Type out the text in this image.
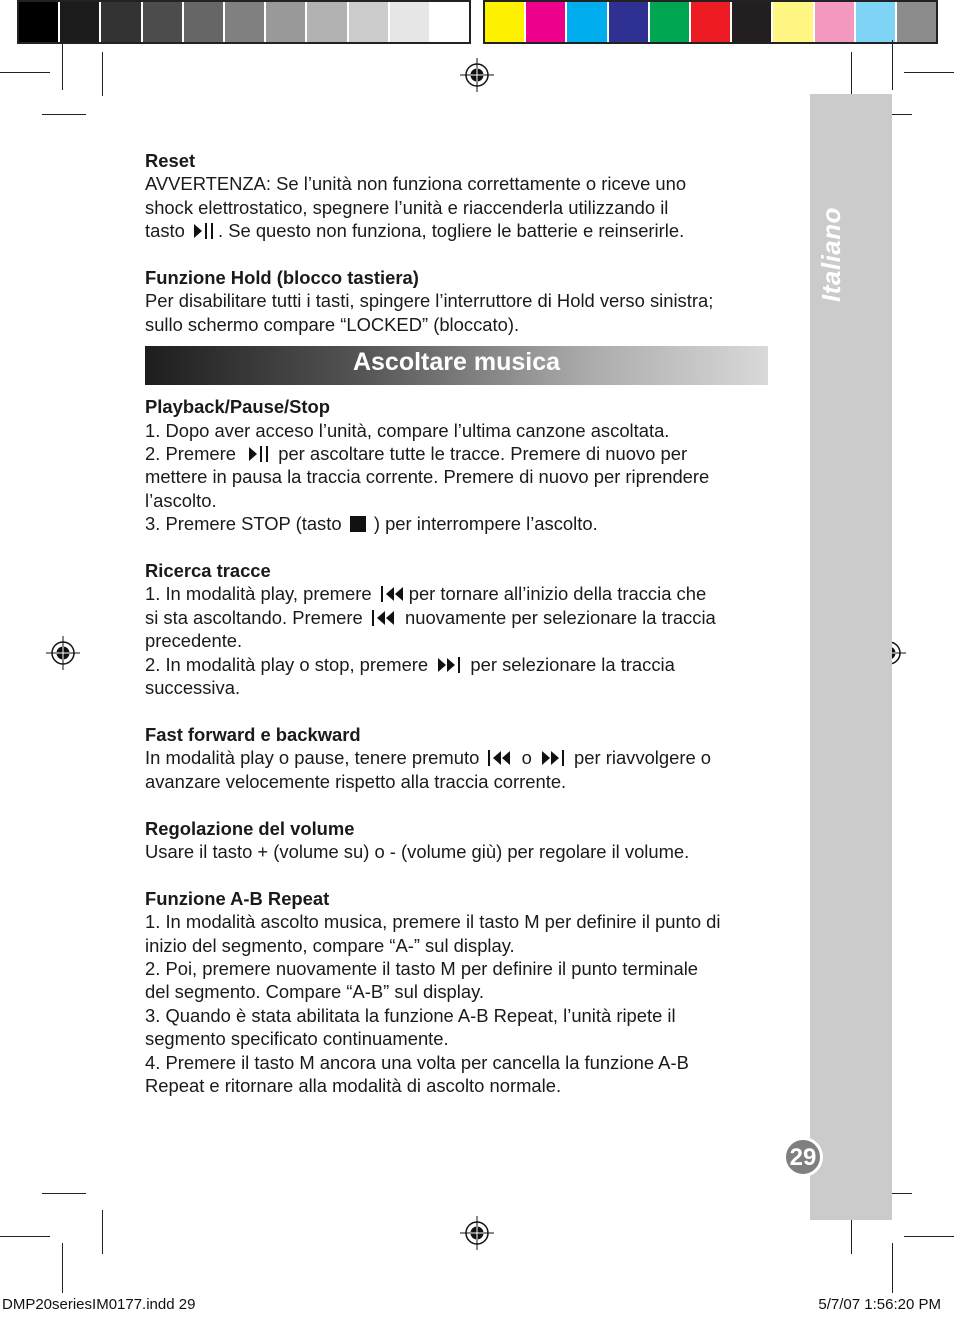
Italiano
29

Reset

AVVERTENZA: Se l’unità non funziona correttamente o riceve uno

shock elettrostatico, spegnere l’unità e riaccenderla utilizzando il

tasto . Se questo non funziona, togliere le batterie e reinserirle.

Funzione Hold (blocco tastiera)

Per disabilitare tutti i tasti, spingere l’interruttore di Hold verso sinistra;

sullo schermo compare “LOCKED” (bloccato).

Ascoltare musica

Playback/Pause/Stop

1. Dopo aver acceso l’unità, compare l’ultima canzone ascoltata.

2. Premere per ascoltare tutte le tracce. Premere di nuovo per

mettere in pausa la traccia corrente. Premere di nuovo per riprendere

l’ascolto.

3. Premere STOP (tasto ) per interrompere l’ascolto.

Ricerca tracce

1. In modalità play, premere per tornare all’inizio della traccia che

si sta ascoltando. Premere nuovamente per selezionare la traccia

precedente.

2. In modalità play o stop, premere per selezionare la traccia

successiva.

Fast forward e backward

In modalità play o pause, tenere premuto o per riavvolgere o

avanzare velocemente rispetto alla traccia corrente.

Regolazione del volume

Usare il tasto + (volume su) o - (volume giù) per regolare il volume.

Funzione A-B Repeat

1. In modalità ascolto musica, premere il tasto M per definire il punto di

inizio del segmento, compare “A-” sul display.

2. Poi, premere nuovamente il tasto M per definire il punto terminale

del segmento. Compare “A-B” sul display.

3. Quando è stata abilitata la funzione A-B Repeat, l’unità ripete il

segmento specificato continuamente.

4. Premere il tasto M ancora una volta per cancella la funzione A-B

Repeat e ritornare alla modalità di ascolto normale.

DMP20seriesIM0177.indd 29	5/7/07 1:56:20 PM
